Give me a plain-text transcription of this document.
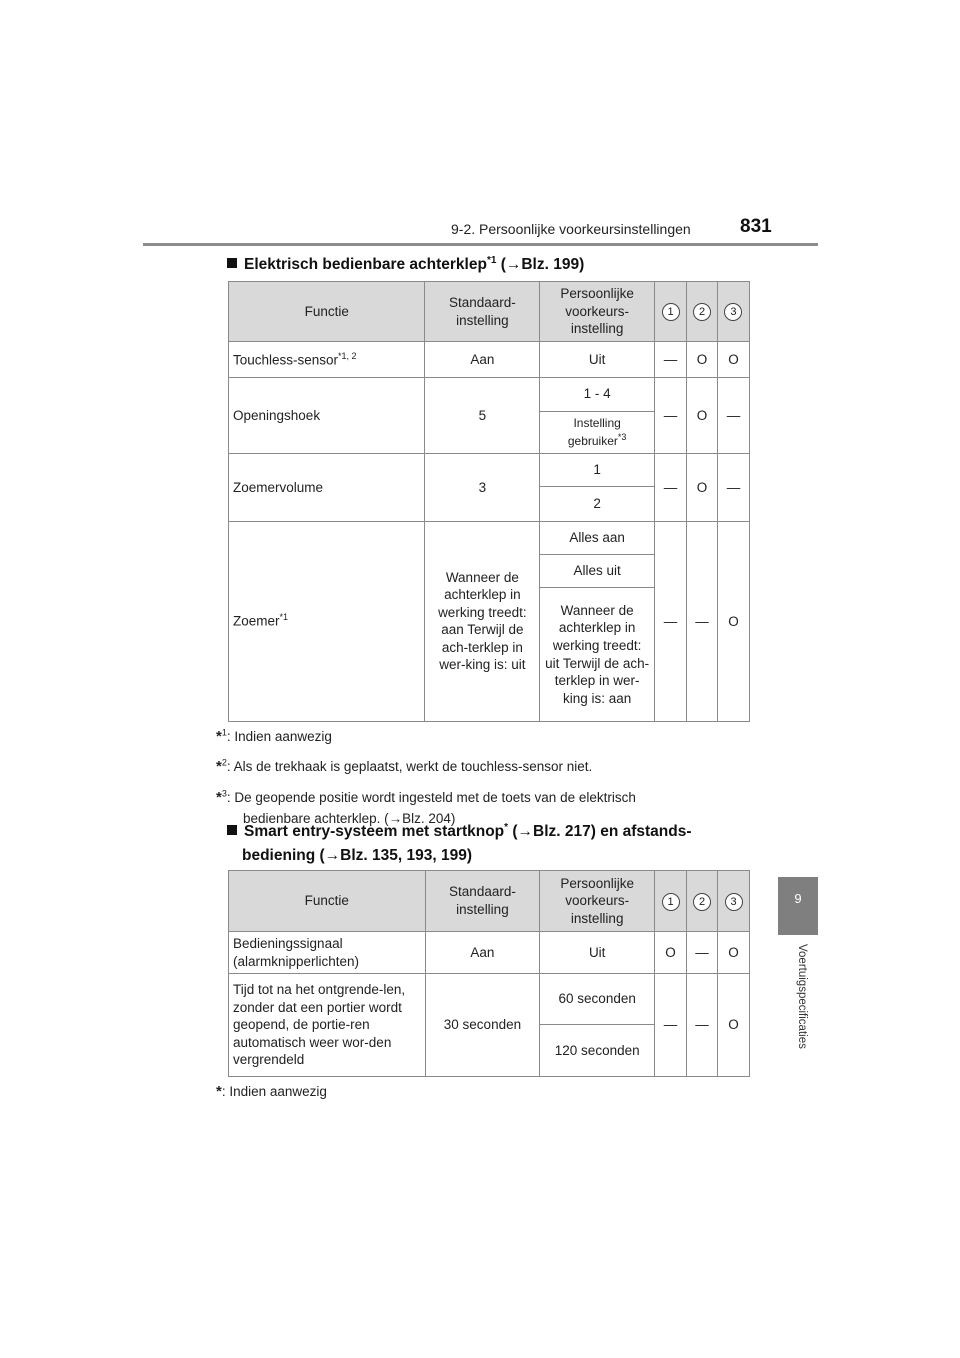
9-2. Persoonlijke voorkeursinstellingen	831
9
Voertuigspecificaties
Elektrisch bedienbare achterklep$^{*1}$ (→Blz. 199)
Functie	Standaard-instelling	Persoonlijke voorkeurs-instelling	1	2	3
Touchless-sensor$^{*1, 2}$	Aan	Uit	—	O	O
Openingshoek	5	1 - 4	—	O	—
		Instelling gebruiker$^{*3}$
Zoemervolume	3	1	—	O	—
		2			
Zoemer$^{*1}$	Wanneer de achterklep in werking treedt: aan Terwijl de ach-terklep in wer-king is: uit	Alles aan	—	—	O
		Alles uit			
		Wanneer de achterklep in werking treedt: uit Terwijl de ach-terklep in wer-king is: aan			
*$^1$: Indien aanwezig
*$^2$: Als de trekhaak is geplaatst, werkt de touchless-sensor niet.
*$^3$: De geopende positie wordt ingesteld met de toets van de elektrisch
bedienbare achterklep. (→Blz. 204)
Smart entry-systeem met startknop* (→Blz. 217) en afstands-
bediening (→Blz. 135, 193, 199)
Functie	Standaard-instelling	Persoonlijke voorkeurs-instelling	1	2	3
Bedieningssignaal (alarmknipperlichten)	Aan	Uit	O	—	O
Tijd tot na het ontgrende-len, zonder dat een portier wordt geopend, de portie-ren automatisch weer wor-den vergrendeld	30 seconden	60 seconden	—	—	O
		120 seconden			
*: Indien aanwezig
